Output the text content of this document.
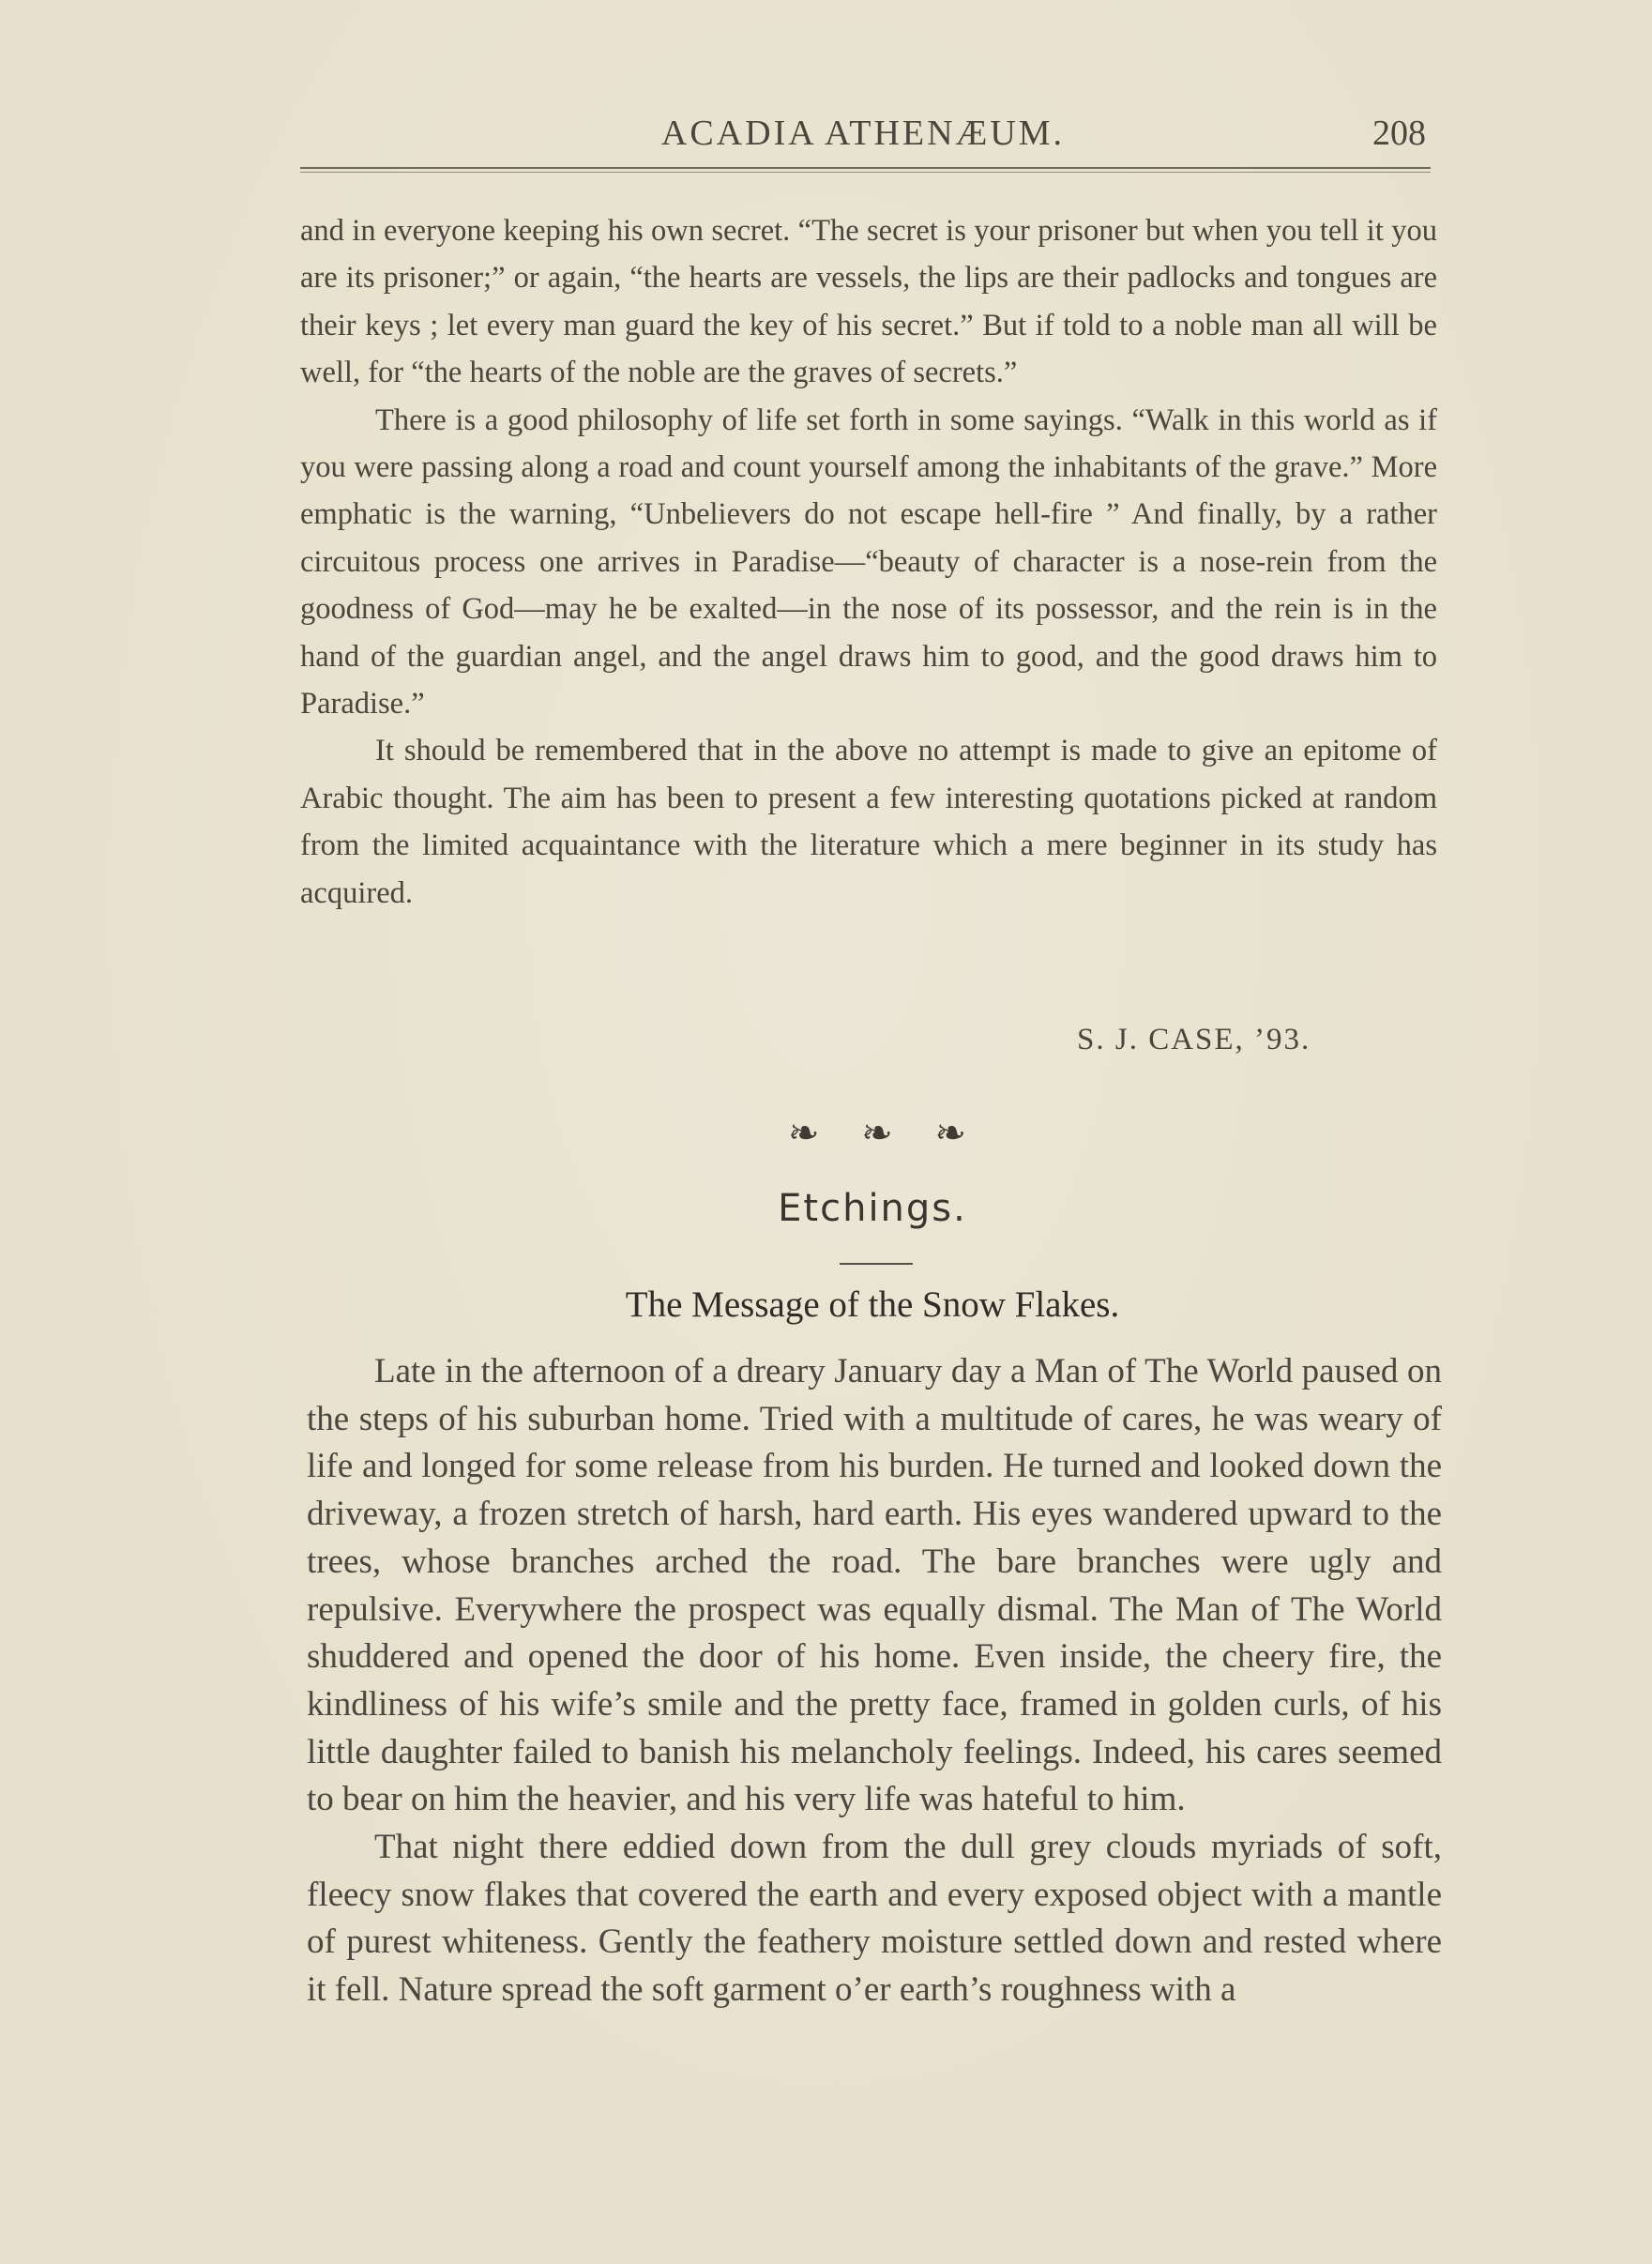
ACADIA ATHENÆUM.	208

and in everyone keeping his own secret. “The secret is your prisoner but when you tell it you are its prisoner;” or again, “the hearts are vessels, the lips are their padlocks and tongues are their keys ; let every man guard the key of his secret.” But if told to a noble man all will be well, for “the hearts of the noble are the graves of secrets.”

There is a good philosophy of life set forth in some sayings. “Walk in this world as if you were passing along a road and count yourself among the inhabitants of the grave.” More emphatic is the warning, “Unbelievers do not escape hell-fire ” And finally, by a rather circuitous process one arrives in Paradise—“beauty of character is a nose-rein from the goodness of God—may he be exalted—in the nose of its possessor, and the rein is in the hand of the guardian angel, and the angel draws him to good, and the good draws him to Paradise.”

It should be remembered that in the above no attempt is made to give an epitome of Arabic thought. The aim has been to present a few interesting quotations picked at random from the limited acquaintance with the literature which a mere beginner in its study has acquired.

S. J. CASE, ’93.
❧ ❧ ❧
Etchings.
The Message of the Snow Flakes.

Late in the afternoon of a dreary January day a Man of The World paused on the steps of his suburban home. Tried with a multitude of cares, he was weary of life and longed for some release from his burden. He turned and looked down the driveway, a frozen stretch of harsh, hard earth. His eyes wandered upward to the trees, whose branches arched the road. The bare branches were ugly and repulsive. Everywhere the prospect was equally dismal. The Man of The World shuddered and opened the door of his home. Even inside, the cheery fire, the kindliness of his wife’s smile and the pretty face, framed in golden curls, of his little daughter failed to banish his melancholy feelings. Indeed, his cares seemed to bear on him the heavier, and his very life was hateful to him.

That night there eddied down from the dull grey clouds myriads of soft, fleecy snow flakes that covered the earth and every exposed object with a mantle of purest whiteness. Gently the feathery moisture settled down and rested where it fell. Nature spread the soft garment o’er earth’s roughness with a
